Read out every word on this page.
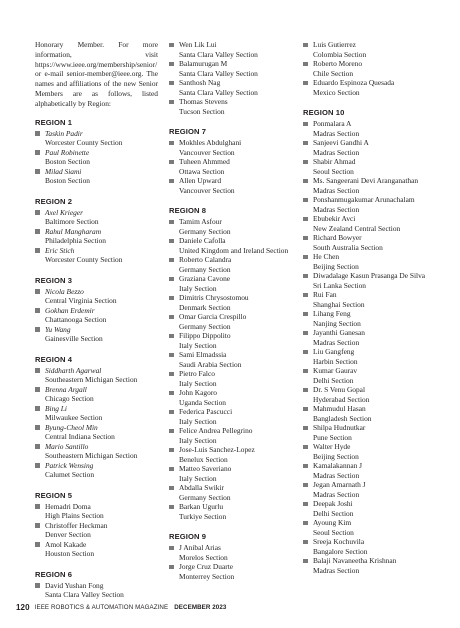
Honorary Member. For more information, visit https://www.ieee.org/membership/senior/ or e-mail senior-member@ieee.org. The names and affiliations of the new Senior Members are as follows, listed alphabetically by Region:

REGION 1
Taskin Padir
Worcester County Section
Paul Robinette
Boston Section
Milad Siami
Boston Section
REGION 2
Axel Krieger
Baltimore Section
Rahul Mangharam
Philadelphia Section
Eric Stich
Worcester County Section
REGION 3
Nicola Bezzo
Central Virginia Section
Gokhan Erdemir
Chattanooga Section
Yu Wang
Gainesville Section
REGION 4
Siddharth Agarwal
Southeastern Michigan Section
Brenna Argall
Chicago Section
Bing Li
Milwaukee Section
Byung-Cheol Min
Central Indiana Section
Mario Santillo
Southeastern Michigan Section
Patrick Wensing
Calumet Section
REGION 5
Hemadri Doma
High Plains Section
Christoffer Heckman
Denver Section
Amol Kakade
Houston Section
REGION 6
David Yushan Fong
Santa Clara Valley Section
Wen Lik Lui
Santa Clara Valley Section
Balamurugan M
Santa Clara Valley Section
Santhosh Nag
Santa Clara Valley Section
Thomas Stevens
Tucson Section
REGION 7
Mokhles Abdulghani
Vancouver Section
Tuheen Ahmmed
Ottawa Section
Allen Upward
Vancouver Section
REGION 8
Tamim Asfour
Germany Section
Daniele Cafolla
United Kingdom and Ireland Section
Roberto Calandra
Germany Section
Graziana Cavone
Italy Section
Dimitris Chrysostomou
Denmark Section
Omar Garcia Crespillo
Germany Section
Filippo Dippolito
Italy Section
Sami Elmadssia
Saudi Arabia Section
Pietro Falco
Italy Section
John Kagoro
Uganda Section
Federica Pascucci
Italy Section
Felice Andrea Pellegrino
Italy Section
Jose-Luis Sanchez-Lopez
Benelux Section
Matteo Saveriano
Italy Section
Abdalla Swikir
Germany Section
Barkan Ugurlu
Turkiye Section
REGION 9
J Anibal Arias
Morelos Section
Jorge Cruz Duarte
Monterrey Section
Luis Gutierrez
Colombia Section
Roberto Moreno
Chile Section
Eduardo Espinoza Quesada
Mexico Section
REGION 10
Ponmalara A
Madras Section
Sanjeevi Gandhi A
Madras Section
Shabir Ahmad
Seoul Section
Ms. Sangeerani Devi Aranganathan
Madras Section
Ponshanmugakumar Arunachalam
Madras Section
Ebubekir Avci
New Zealand Central Section
Richard Bowyer
South Australia Section
He Chen
Beijing Section
Diwadalage Kasun Prasanga De Silva
Sri Lanka Section
Rui Fan
Shanghai Section
Lihang Feng
Nanjing Section
Jayanthi Ganesan
Madras Section
Liu Gangfeng
Harbin Section
Kumar Gaurav
Delhi Section
Dr. S Venu Gopal
Hyderabad Section
Mahmudul Hasan
Bangladesh Section
Shilpa Hudnutkar
Pune Section
Walter Hyde
Beijing Section
Kamalakannan J
Madras Section
Jegan Amarnath J
Madras Section
Deepak Joshi
Delhi Section
Ayoung Kim
Seoul Section
Sreeja Kochuvila
Bangalore Section
Balaji Navaneetha Krishnan
Madras Section
120 IEEE ROBOTICS & AUTOMATION MAGAZINE DECEMBER 2023
